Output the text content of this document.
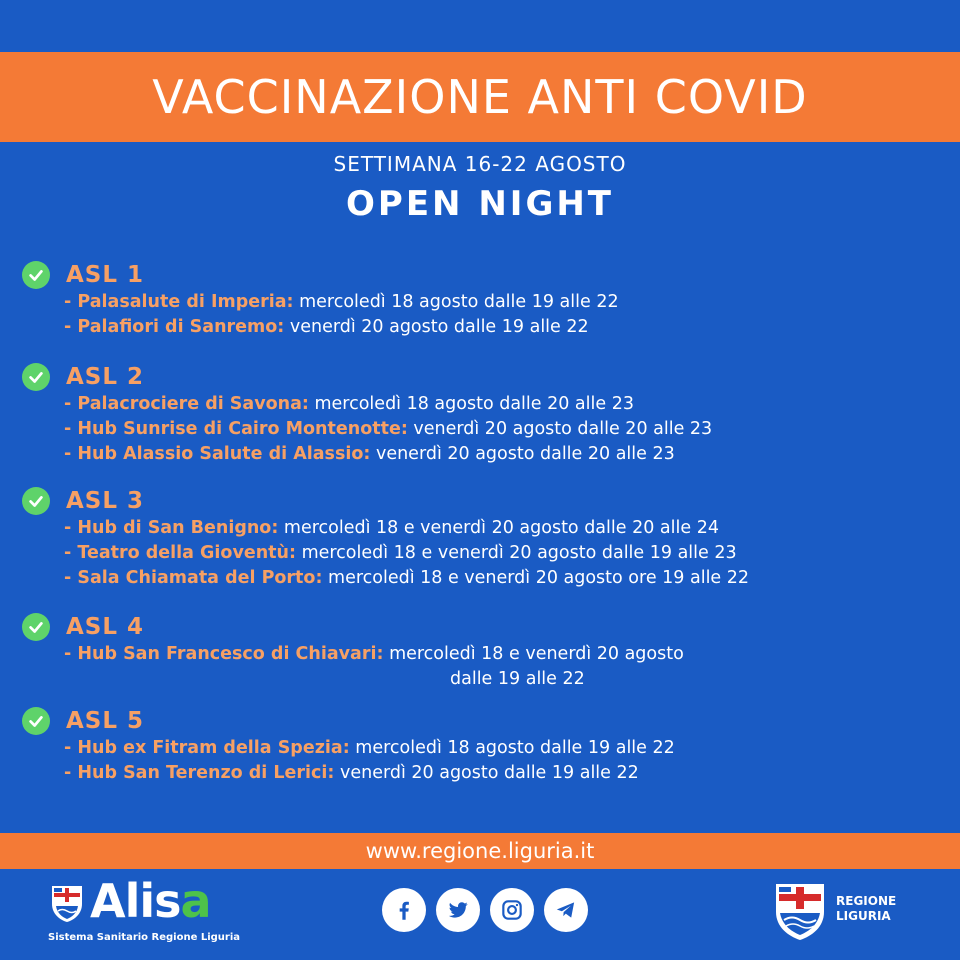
VACCINAZIONE ANTI COVID
SETTIMANA 16-22 AGOSTO
OPEN NIGHT
ASL 1
- Palasalute di Imperia: mercoledì 18 agosto dalle 19 alle 22
- Palafiori di Sanremo: venerdì 20 agosto dalle 19 alle 22
ASL 2
- Palacrociere di Savona: mercoledì 18 agosto dalle 20 alle 23
- Hub Sunrise di Cairo Montenotte: venerdì 20 agosto dalle 20 alle 23
- Hub Alassio Salute di Alassio: venerdì 20 agosto dalle 20 alle 23
ASL 3
- Hub di San Benigno: mercoledì 18 e venerdì 20 agosto dalle 20 alle 24
- Teatro della Gioventù: mercoledì 18 e venerdì 20 agosto dalle 19 alle 23
- Sala Chiamata del Porto: mercoledì 18 e venerdì 20 agosto ore 19 alle 22
ASL 4
- Hub San Francesco di Chiavari: mercoledì 18 e venerdì 20 agosto
dalle 19 alle 22
ASL 5
- Hub ex Fitram della Spezia: mercoledì 18 agosto dalle 19 alle 22
- Hub San Terenzo di Lerici: venerdì 20 agosto dalle 19 alle 22
www.regione.liguria.it
Alisa
Sistema Sanitario Regione Liguria
REGIONE
LIGURIA
